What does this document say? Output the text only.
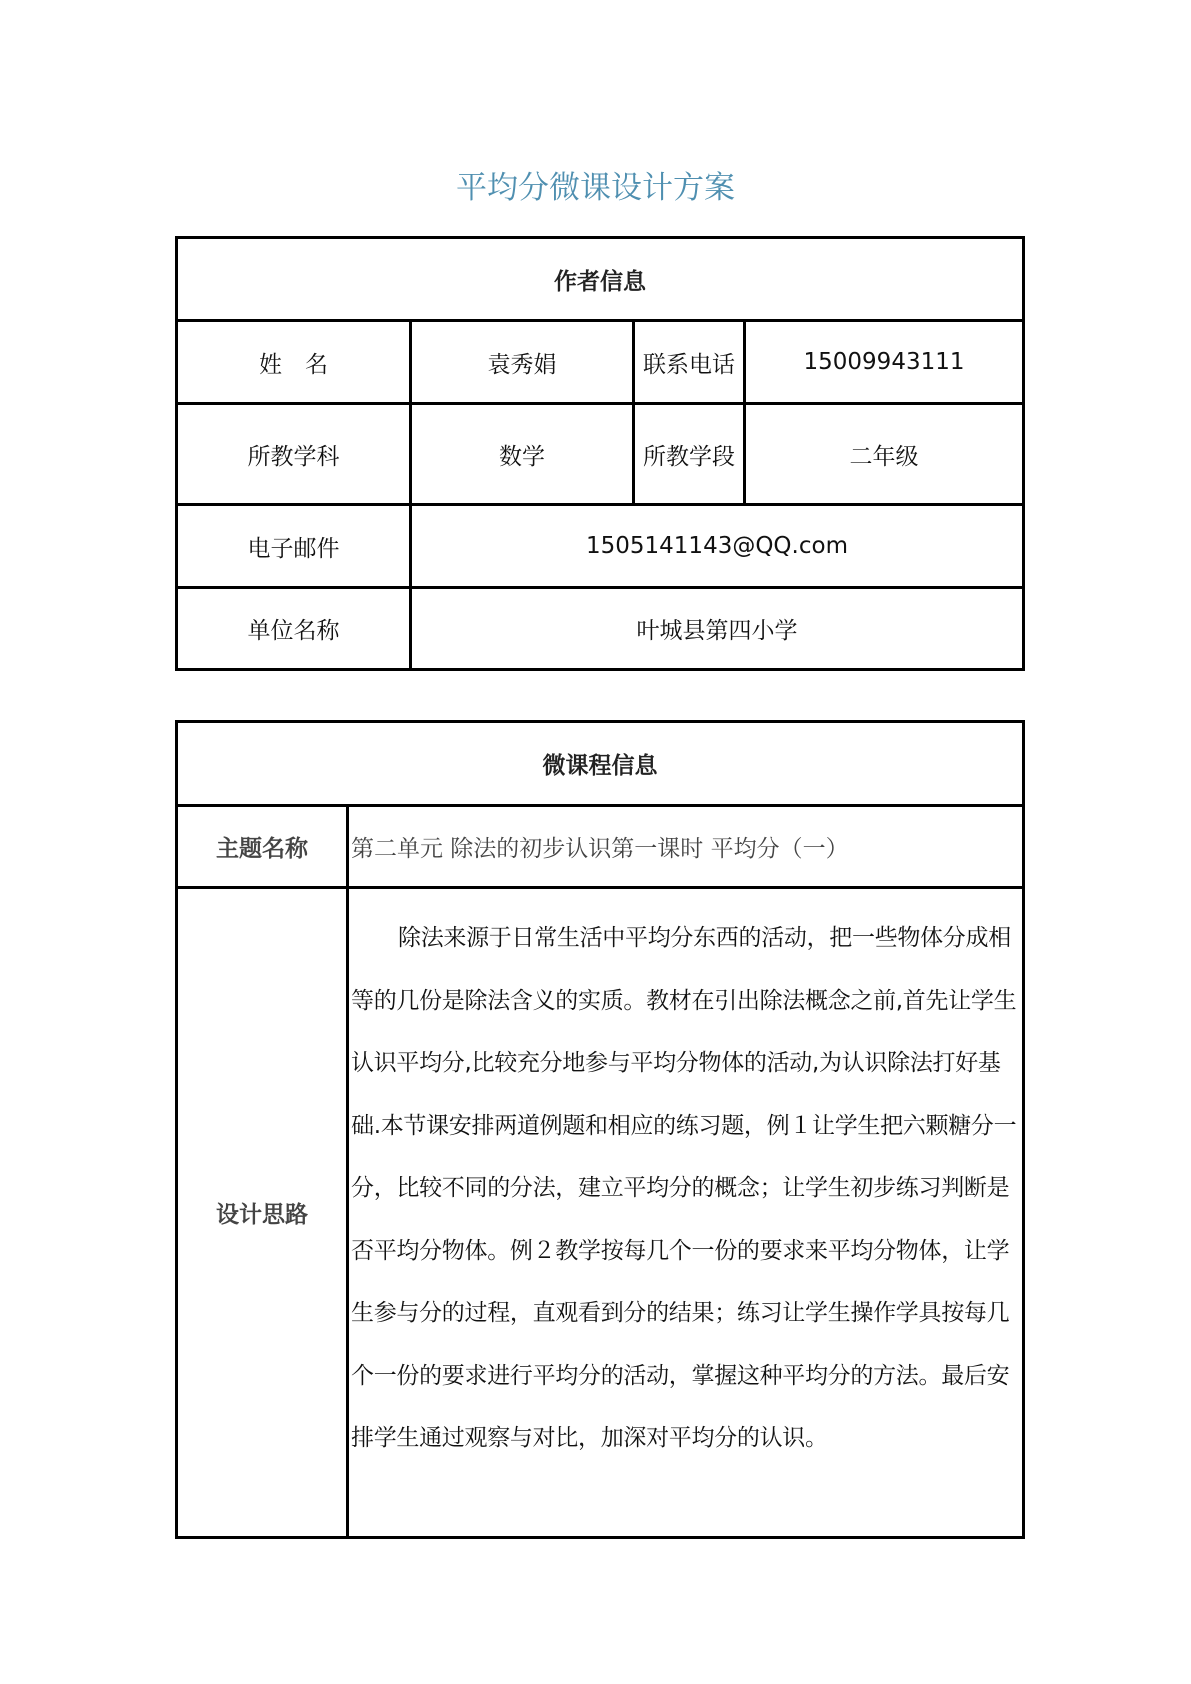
平均分微课设计方案
作者信息			
姓　名	袁秀娟	联系电话	15009943111
所教学科	数学	所教学段	二年级
电子邮件	1505141143@QQ.com		
单位名称	叶城县第四小学		
微课程信息	
主题名称	第二单元 除法的初步认识第一课时 平均分（一）
设计思路	除法来源于日常生活中平均分东西的活动，把一些物体分成相等的几份是除法含义的实质。教材在引出除法概念之前,首先让学生认识平均分,比较充分地参与平均分物体的活动,为认识除法打好基础.本节课安排两道例题和相应的练习题，例１让学生把六颗糖分一分，比较不同的分法，建立平均分的概念；让学生初步练习判断是否平均分物体。例２教学按每几个一份的要求来平均分物体，让学生参与分的过程，直观看到分的结果；练习让学生操作学具按每几个一份的要求进行平均分的活动，掌握这种平均分的方法。最后安排学生通过观察与对比，加深对平均分的认识。
